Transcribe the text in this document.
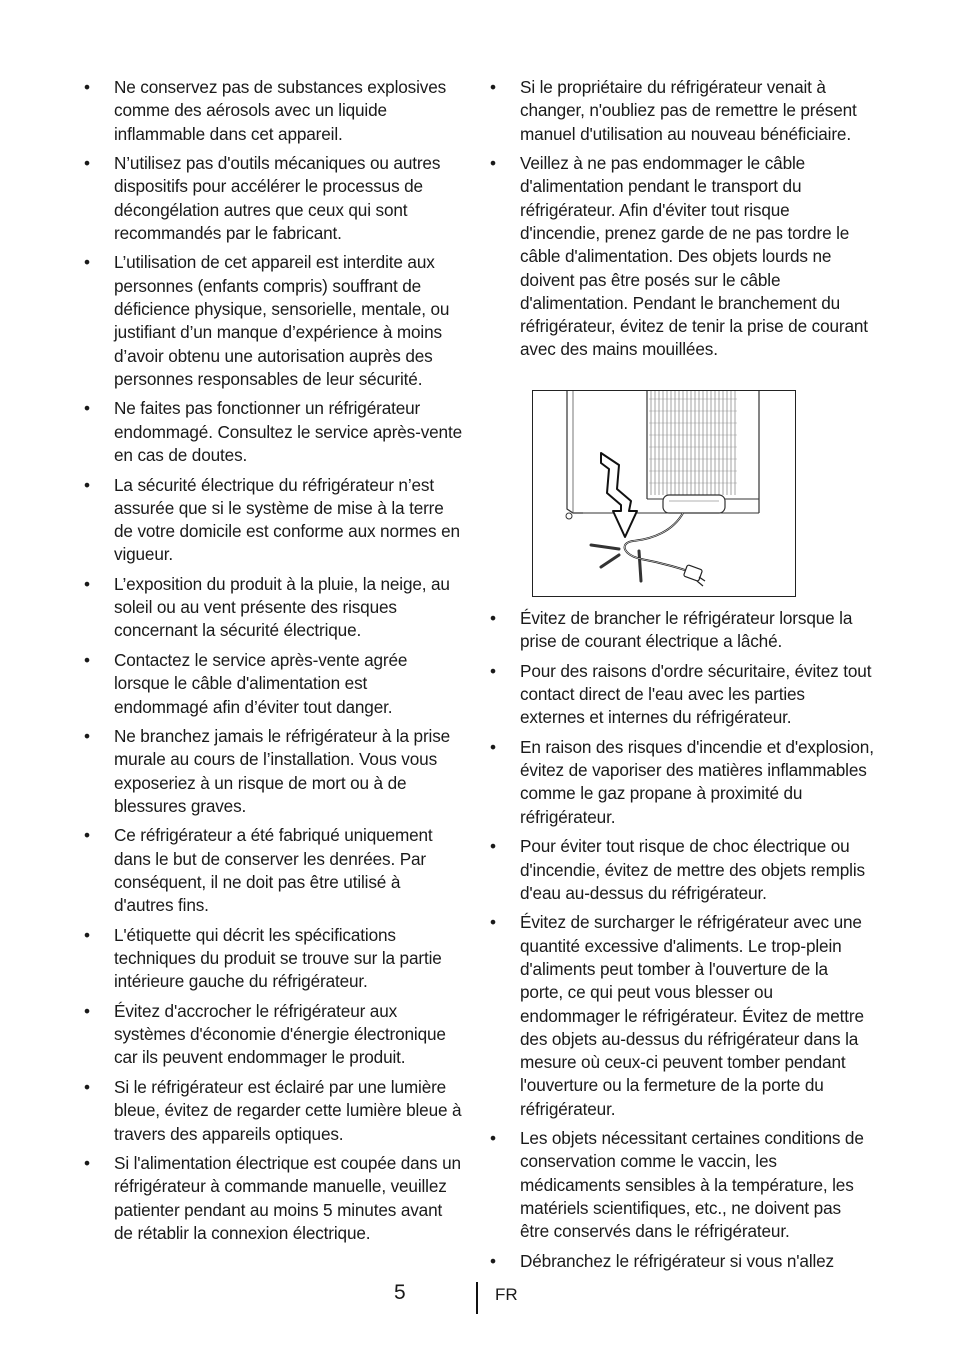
• Ne conservez pas de substances explosives comme des aérosols avec un liquide inflammable dans cet appareil.
• N’utilisez pas d'outils mécaniques ou autres dispositifs pour accélérer le processus de décongélation autres que ceux qui sont recommandés par le fabricant.
• L’utilisation de cet appareil est interdite aux personnes (enfants compris) souffrant de déficience physique, sensorielle, mentale, ou justifiant d’un manque d’expérience à moins d’avoir obtenu une autorisation auprès des personnes responsables de leur sécurité.
• Ne faites pas fonctionner un réfrigérateur endommagé. Consultez le service après-vente en cas de doutes.
• La sécurité électrique du réfrigérateur n’est assurée que si le système de mise à la terre de votre domicile est conforme aux normes en vigueur.
• L’exposition du produit à la pluie, la neige, au soleil ou au vent présente des risques concernant la sécurité électrique.
• Contactez le service après-vente agrée lorsque le câble d'alimentation est endommagé afin d’éviter tout danger.
• Ne branchez jamais le réfrigérateur à la prise murale au cours de l’installation. Vous vous exposeriez à un risque de mort ou à de blessures graves.
• Ce réfrigérateur a été fabriqué uniquement dans le but de conserver les denrées. Par conséquent, il ne doit pas être utilisé à d'autres fins.
• L'étiquette qui décrit les spécifications techniques du produit se trouve sur la partie intérieure gauche du réfrigérateur.
• Évitez d'accrocher le réfrigérateur aux systèmes d'économie d'énergie électronique car ils peuvent endommager le produit.
• Si le réfrigérateur est éclairé par une lumière bleue, évitez de regarder cette lumière bleue à travers des appareils optiques.
• Si l'alimentation électrique est coupée dans un réfrigérateur à commande manuelle, veuillez patienter pendant au moins 5 minutes avant de rétablir la connexion électrique.
• Si le propriétaire du réfrigérateur venait à changer, n'oubliez pas de remettre le présent manuel d'utilisation au nouveau bénéficiaire.
• Veillez à ne pas endommager le câble d'alimentation pendant le transport du réfrigérateur. Afin d'éviter tout risque d'incendie, prenez garde de ne pas tordre le câble d'alimentation. Des objets lourds ne doivent pas être posés sur le câble d'alimentation. Pendant le branchement du réfrigérateur, évitez de tenir la prise de courant avec des mains mouillées.
• Évitez de brancher le réfrigérateur lorsque la prise de courant électrique a lâché.
• Pour des raisons d'ordre sécuritaire, évitez tout contact direct de l'eau avec les parties externes et internes du réfrigérateur.
• En raison des risques d'incendie et d'explosion, évitez de vaporiser des matières inflammables comme le gaz propane à proximité du réfrigérateur.
• Pour éviter tout risque de choc électrique ou d'incendie, évitez de mettre des objets remplis d'eau au-dessus du réfrigérateur.
• Évitez de surcharger le réfrigérateur avec une quantité excessive d'aliments. Le trop-plein d'aliments peut tomber à l'ouverture de la porte, ce qui peut vous blesser ou endommager le réfrigérateur. Évitez de mettre des objets au-dessus du réfrigérateur dans la mesure où ceux-ci peuvent tomber pendant l'ouverture ou la fermeture de la porte du réfrigérateur.
• Les objets nécessitant certaines conditions de conservation comme le vaccin, les médicaments sensibles à la température, les matériels scientifiques, etc., ne doivent pas être conservés dans le réfrigérateur.
• Débranchez le réfrigérateur si vous n'allez
5	FR
